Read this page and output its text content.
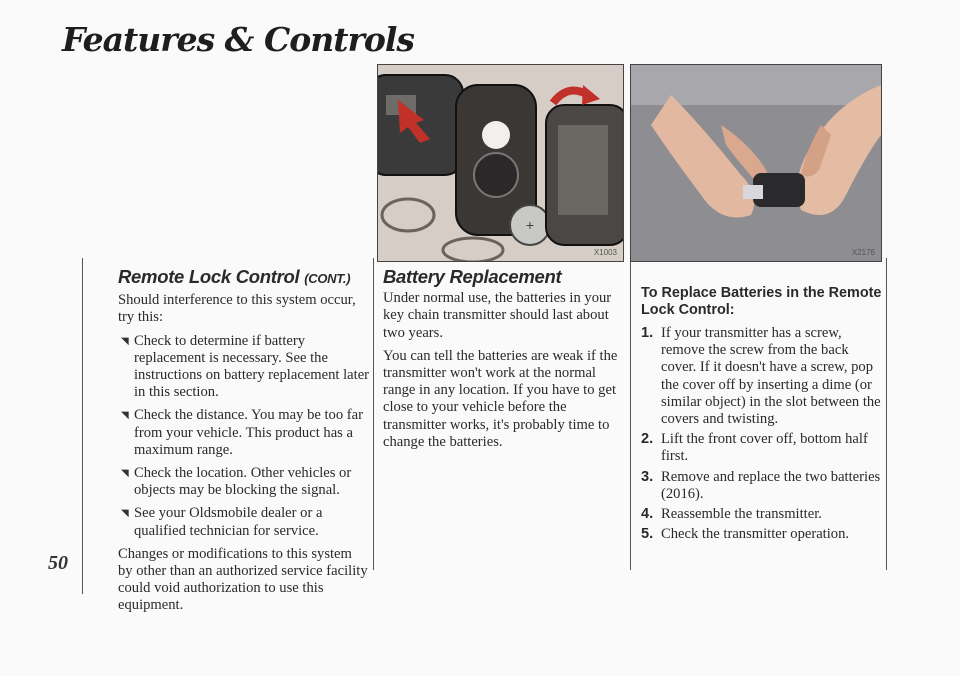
Features & Controls
50
+
X1003	X2176
Remote Lock Control (CONT.)

Should interference to this system occur, try this:

◥ Check to determine if battery replacement is necessary. See the instructions on battery replacement later in this section.
◥ Check the distance. You may be too far from your vehicle. This product has a maximum range.
◥ Check the location. Other vehicles or objects may be blocking the signal.
◥ See your Oldsmobile dealer or a qualified technician for service.

Changes or modifications to this system by other than an authorized service facility could void authorization to use this equipment.

Battery Replacement

Under normal use, the batteries in your key chain transmitter should last about two years.

You can tell the batteries are weak if the transmitter won't work at the normal range in any location. If you have to get close to your vehicle before the transmitter works, it's probably time to change the batteries.

To Replace Batteries in the Remote Lock Control:
1. If your transmitter has a screw, remove the screw from the back cover. If it doesn't have a screw, pop the cover off by inserting a dime (or similar object) in the slot between the covers and twisting.
2. Lift the front cover off, bottom half first.
3. Remove and replace the two batteries (2016).
4. Reassemble the transmitter.
5. Check the transmitter operation.
